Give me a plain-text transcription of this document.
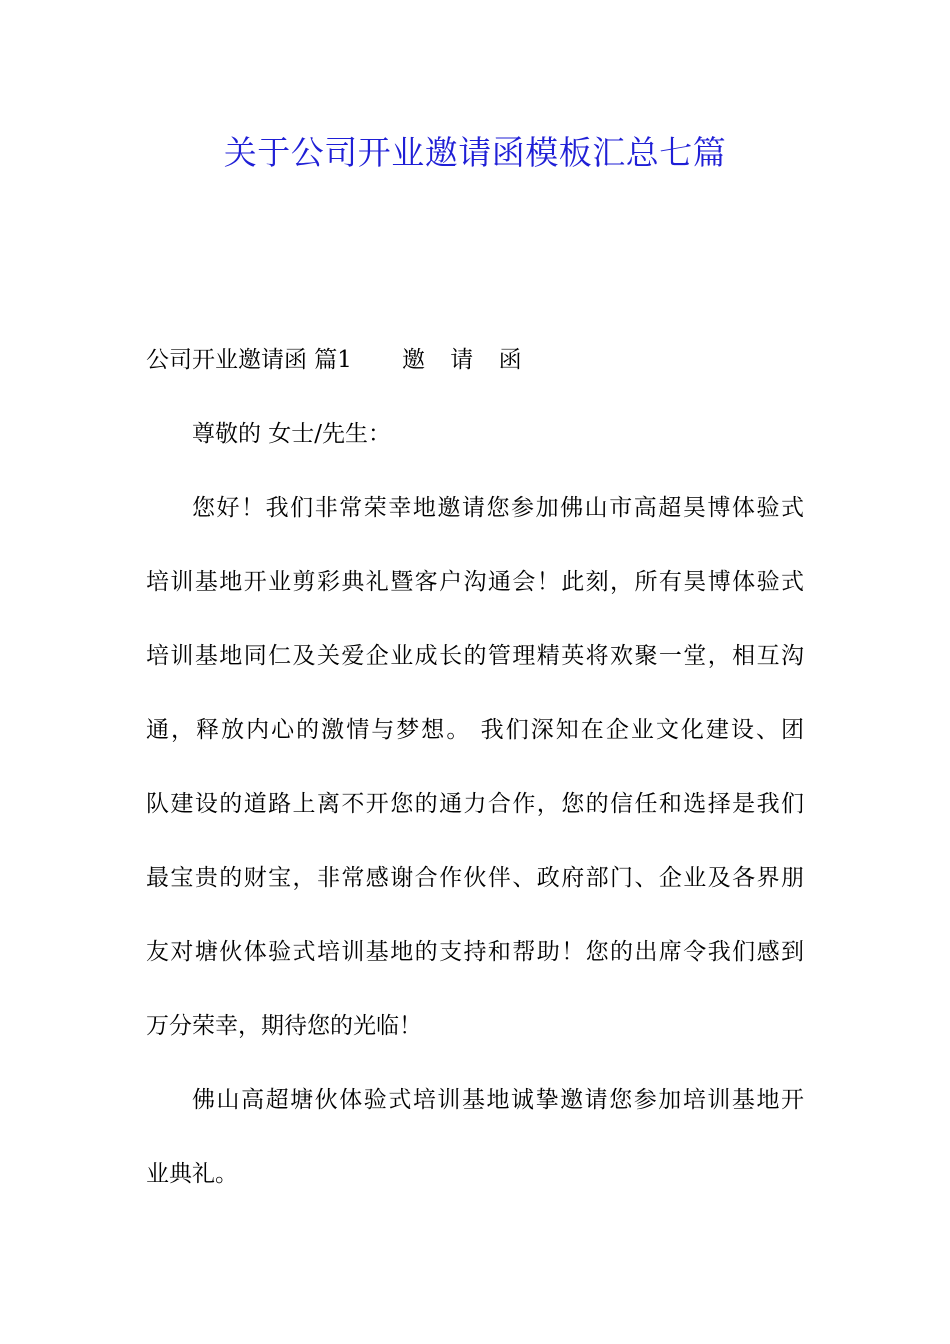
关于公司开业邀请函模板汇总七篇
公司开业邀请函 篇1 邀 请 函
尊敬的 女士/先生：
您好！我们非常荣幸地邀请您参加佛山市高超昊博体验式
培训基地开业剪彩典礼暨客户沟通会！此刻，所有昊博体验式
培训基地同仁及关爱企业成长的管理精英将欢聚一堂，相互沟
通，释放内心的激情与梦想。 我们深知在企业文化建设、团
队建设的道路上离不开您的通力合作，您的信任和选择是我们
最宝贵的财宝，非常感谢合作伙伴、政府部门、企业及各界朋
友对塘伙体验式培训基地的支持和帮助！您的出席令我们感到
万分荣幸，期待您的光临！
佛山高超塘伙体验式培训基地诚挚邀请您参加培训基地开
业典礼。
